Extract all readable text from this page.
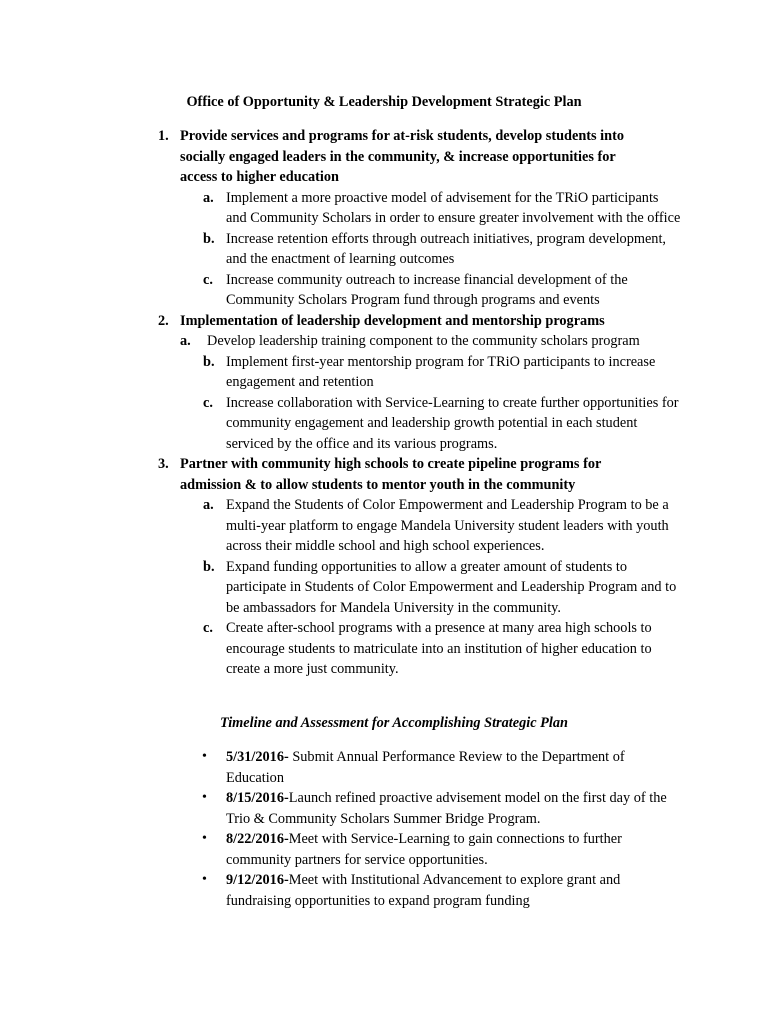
Office of Opportunity & Leadership Development Strategic Plan
1. Provide services and programs for at-risk students, develop students into socially engaged leaders in the community, & increase opportunities for access to higher education
a. Implement a more proactive model of advisement for the TRiO participants and Community Scholars in order to ensure greater involvement with the office
b. Increase retention efforts through outreach initiatives, program development, and the enactment of learning outcomes
c. Increase community outreach to increase financial development of the Community Scholars Program fund through programs and events
2. Implementation of leadership development and mentorship programs
a. Develop leadership training component to the community scholars program
b. Implement first-year mentorship program for TRiO participants to increase engagement and retention
c. Increase collaboration with Service-Learning to create further opportunities for community engagement and leadership growth potential in each student serviced by the office and its various programs.
3. Partner with community high schools to create pipeline programs for admission & to allow students to mentor youth in the community
a. Expand the Students of Color Empowerment and Leadership Program to be a multi-year platform to engage Mandela University student leaders with youth across their middle school and high school experiences.
b. Expand funding opportunities to allow a greater amount of students to participate in Students of Color Empowerment and Leadership Program and to be ambassadors for Mandela University in the community.
c. Create after-school programs with a presence at many area high schools to encourage students to matriculate into an institution of higher education to create a more just community.
Timeline and Assessment for Accomplishing Strategic Plan
• 5/31/2016- Submit Annual Performance Review to the Department of Education
• 8/15/2016-Launch refined proactive advisement model on the first day of the Trio & Community Scholars Summer Bridge Program.
• 8/22/2016-Meet with Service-Learning to gain connections to further community partners for service opportunities.
• 9/12/2016-Meet with Institutional Advancement to explore grant and fundraising opportunities to expand program funding
